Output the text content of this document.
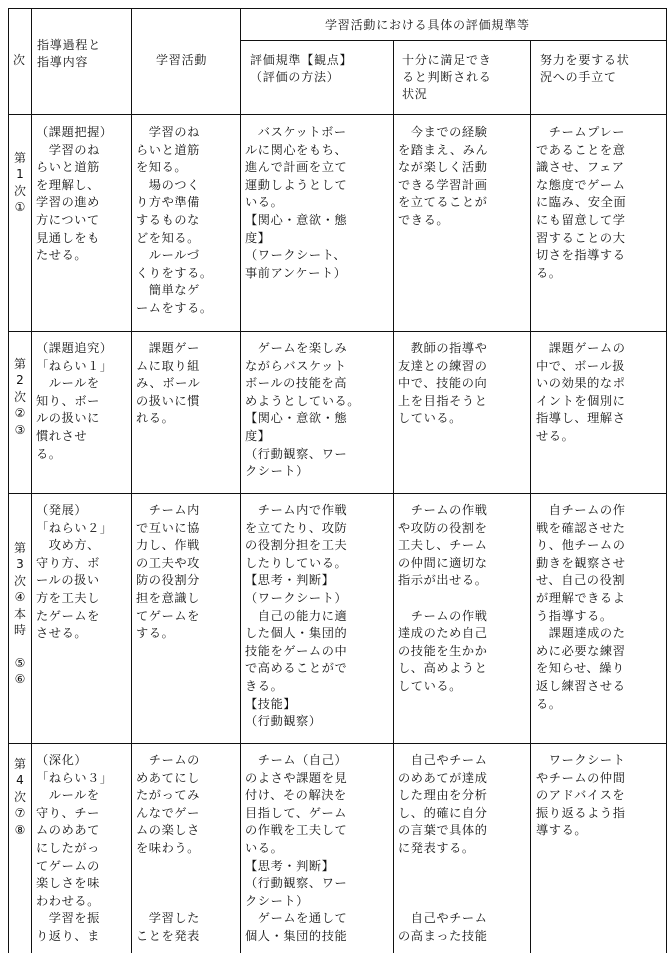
次
指導過程と
指導内容	学習活動
学習活動における具体の評価規準等
評価規準【観点】
（評価の方法）
十分に満足でき
ると判断される
状況
努力を要する状
況への手立て
第
1
次
①
（課題把握）
　学習のね
らいと道筋
を理解し、
学習の進め
方について
見通しをも
たせる。
　学習のね
らいと道筋
を知る。
　場のつく
り方や準備
するものな
どを知る。
　ルールづ
くりをする。
　簡単なゲ
ームをする。
　バスケットボー
ルに関心をもち、
進んで計画を立て
運動しようとして
いる。
【関心・意欲・態
度】
（ワークシート、
事前アンケート）
　今までの経験
を踏まえ、みん
なが楽しく活動
できる学習計画
を立てることが
できる。
　チームプレー
であることを意
識させ、フェア
な態度でゲーム
に臨み、安全面
にも留意して学
習することの大
切さを指導する
る。
第
2
次
②
③
（課題追究）
「ねらい１」
　ルールを
知り、ボー
ルの扱いに
慣れさせ
る。
　課題ゲー
ムに取り組
み、ボール
の扱いに慣
れる。
　ゲームを楽しみ
ながらバスケット
ボールの技能を高
めようとしている。
【関心・意欲・態
度】
（行動観察、ワー
クシート）
　教師の指導や
友達との練習の
中で、技能の向
上を目指そうと
している。
　課題ゲームの
中で、ボール扱
いの効果的なポ
イントを個別に
指導し、理解さ
せる。
第
3
次
④
本
時

⑤
⑥
（発展）
「ねらい２」
　攻め方、
守り方、ボ
ールの扱い
方を工夫し
たゲームを
させる。
　チーム内
で互いに協
力し、作戦
の工夫や攻
防の役割分
担を意識し
てゲームを
する。
　チーム内で作戦
を立てたり、攻防
の役割分担を工夫
したりしている。
【思考・判断】
（ワークシート）
　自己の能力に適
した個人・集団的
技能をゲームの中
で高めることがで
きる。
【技能】
（行動観察）
　チームの作戦
や攻防の役割を
工夫し、チーム
の仲間に適切な
指示が出せる。

　チームの作戦
達成のため自己
の技能を生かか
し、高めようと
している。
　自チームの作
戦を確認させた
り、他チームの
動きを観察させ
せ、自己の役割
が理解できるよ
う指導する。
　課題達成のた
めに必要な練習
を知らせ、繰り
返し練習させる
る。
第
4
次
⑦
⑧
（深化）
「ねらい３」
　ルールを
守り、チー
ムのめあて
にしたがっ
てゲームの
楽しさを味
わわせる。
　学習を振
り返り、ま
　チームの
めあてにし
たがってみ
んなでゲー
ムの楽しさ
を味わう。

　学習した
ことを発表
　チーム（自己）
のよさや課題を見
付け、その解決を
目指して、ゲーム
の作戦を工夫して
いる。
【思考・判断】
（行動観察、ワー
クシート）
　ゲームを通して
個人・集団的技能
　自己やチーム
のめあてが達成
した理由を分析
し、的確に自分
の言葉で具体的
に発表する。

　自己やチーム
の高まった技能
　ワークシート
やチームの仲間
のアドバイスを
振り返るよう指
導する。
